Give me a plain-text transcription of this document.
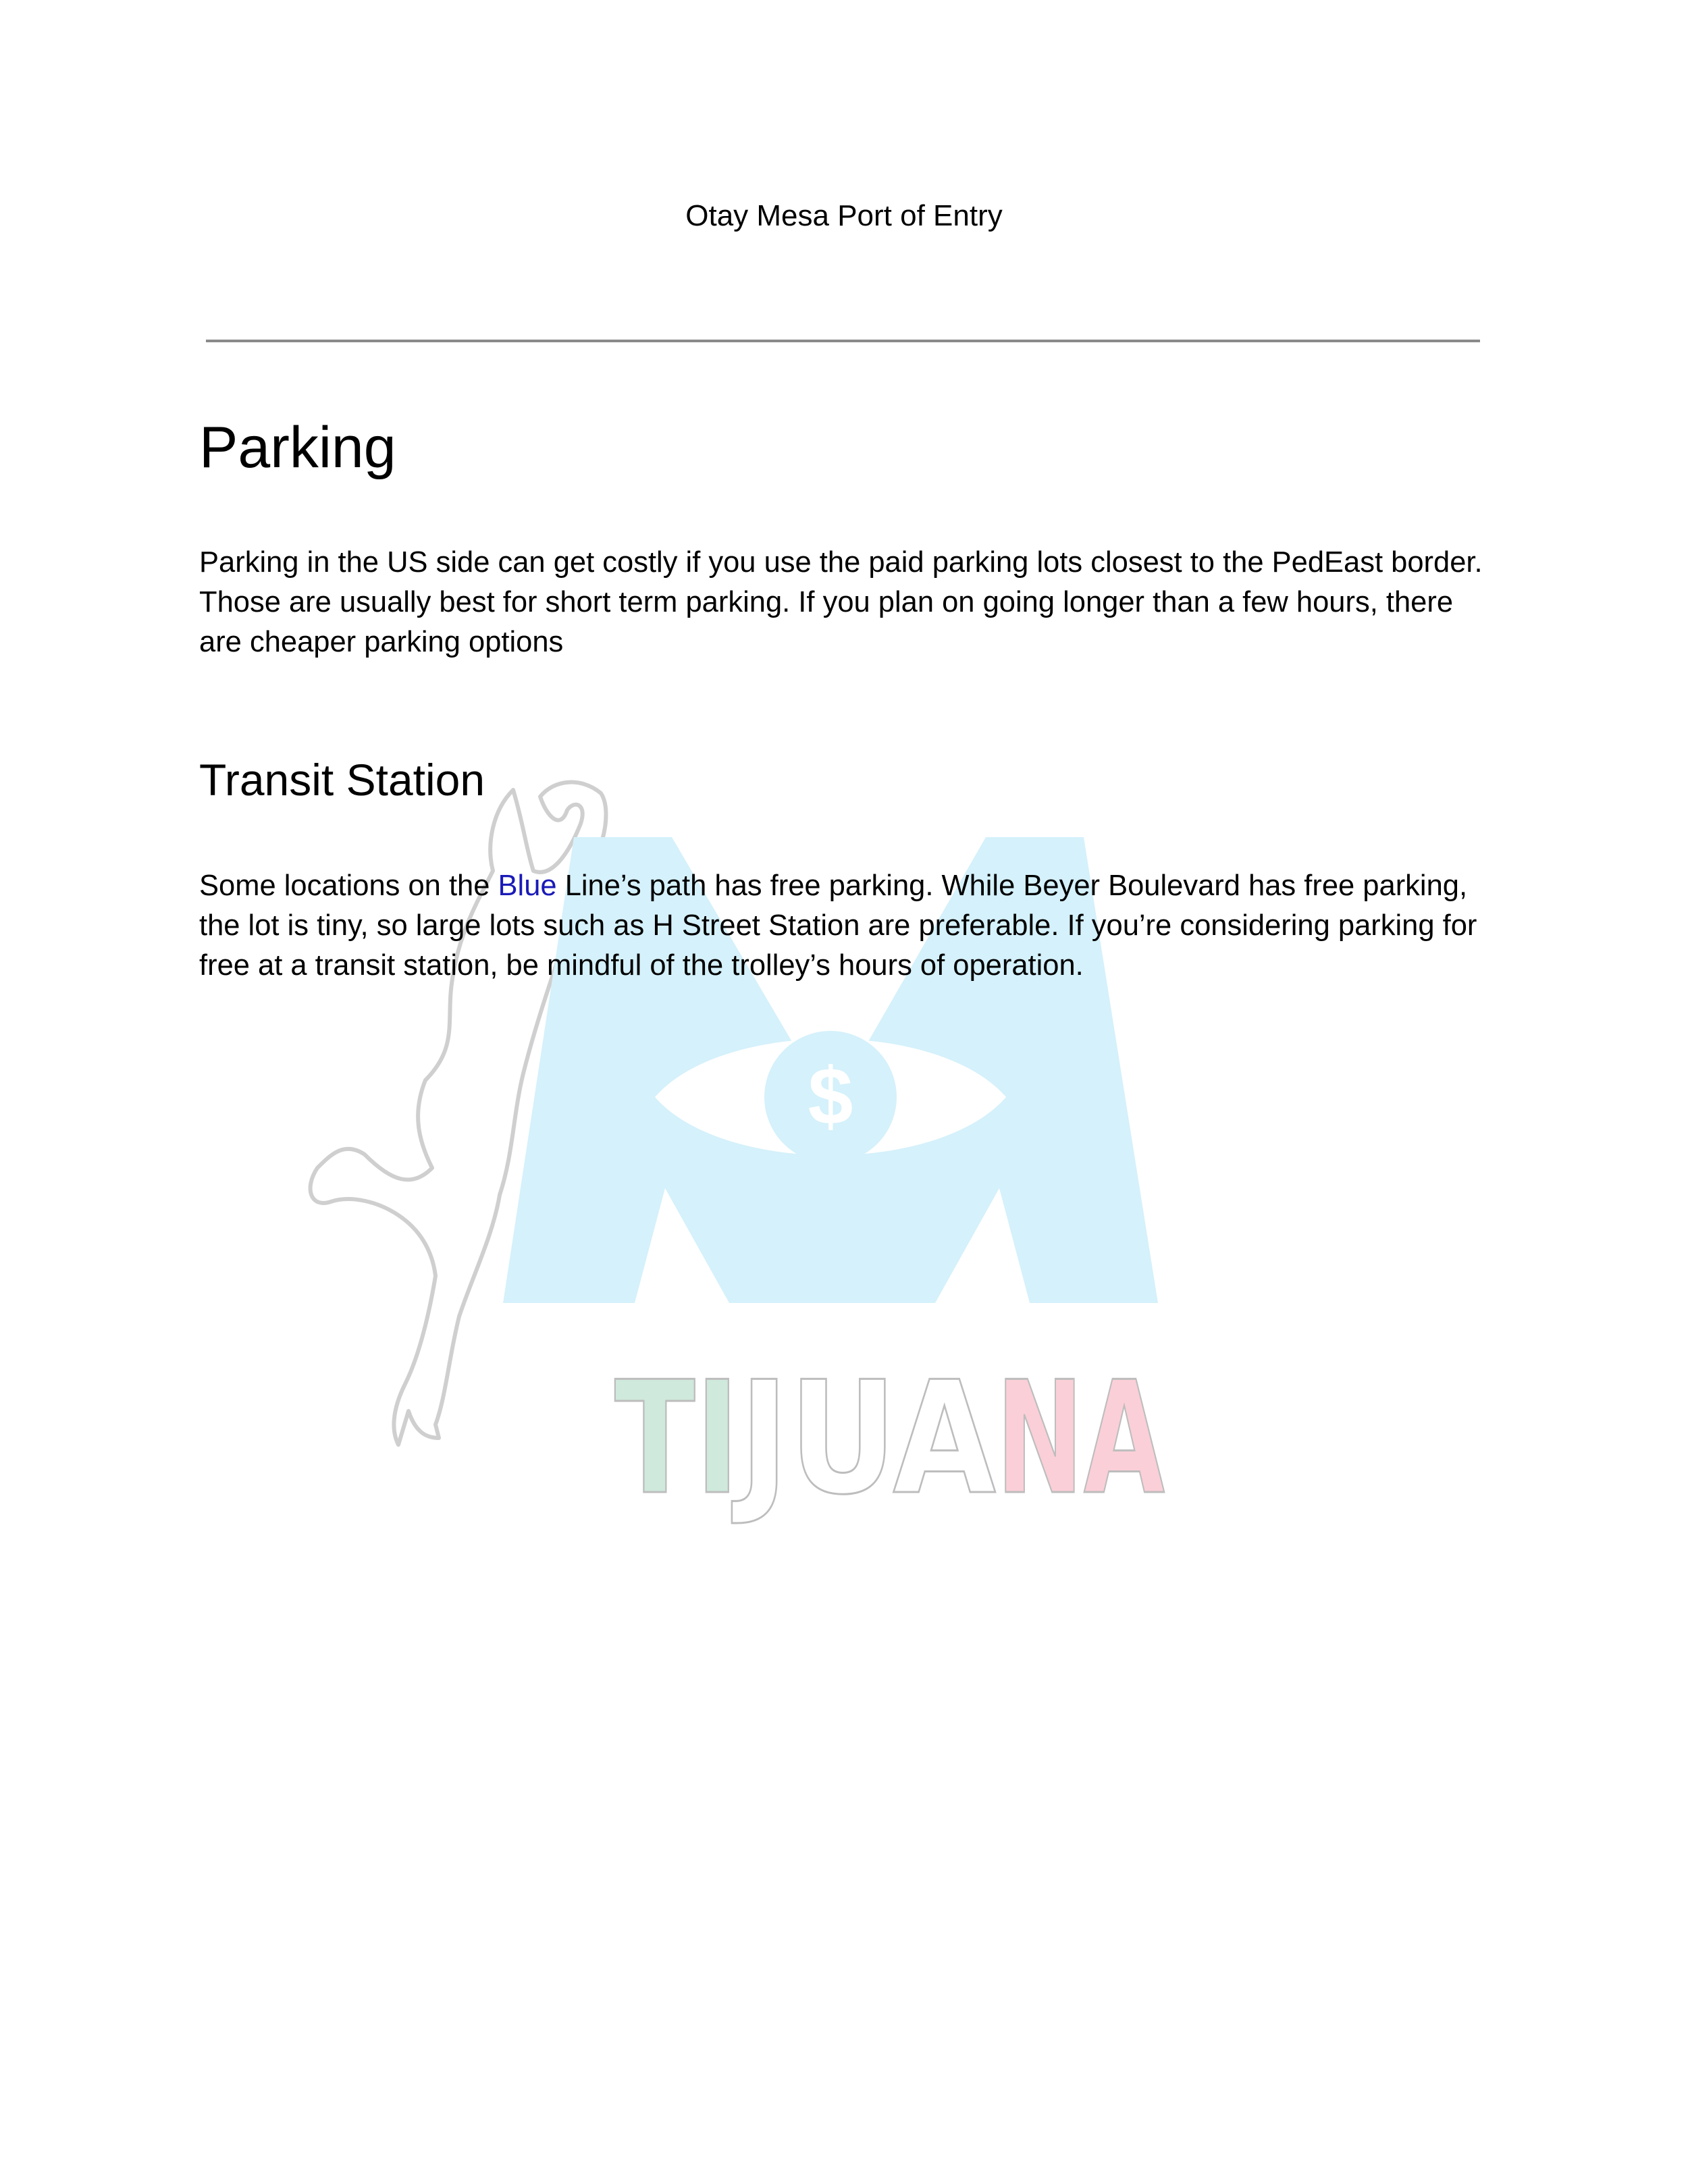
$
TI
JUA NA
Otay Mesa Port of Entry
Parking

Parking in the US side can get costly if you use the paid parking lots closest to the PedEast border. Those are usually best for short term parking. If you plan on going longer than a few hours, there are cheaper parking options

Transit Station

Some locations on the Blue Line’s path has free parking. While Beyer Boulevard has free parking, the lot is tiny, so large lots such as H Street Station are preferable. If you’re considering parking for free at a transit station, be mindful of the trolley’s hours of operation.
